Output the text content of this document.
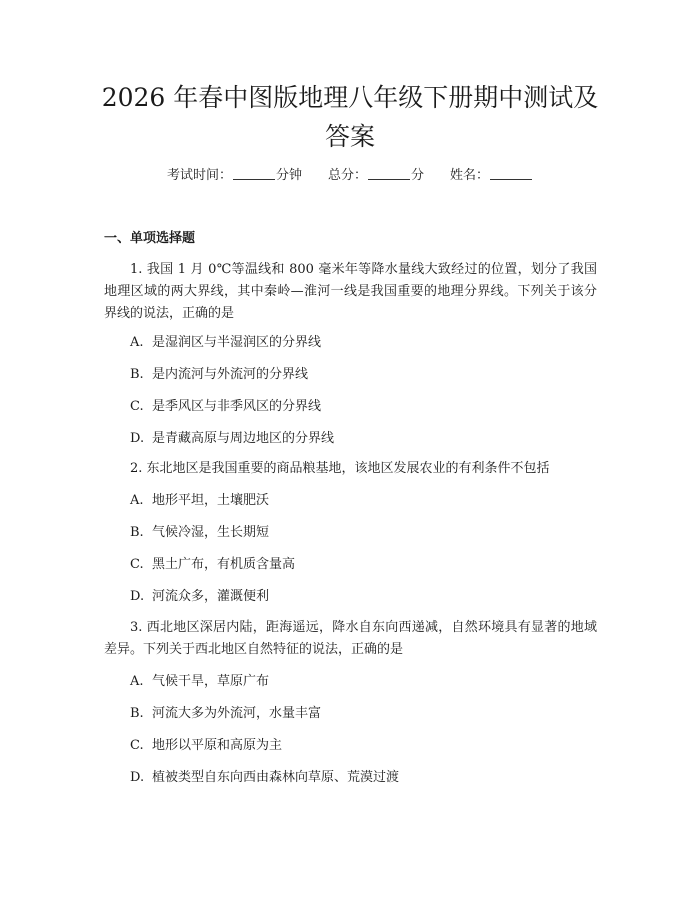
2026 年春中图版地理八年级下册期中测试及
答案
考试时间：	分钟 总分：	分 姓名：
一、单项选择题

1. 我国 1 月 0℃等温线和 800 毫米年等降水量线大致经过的位置，划分了我国地理区域的两大界线，其中秦岭—淮河一线是我国重要的地理分界线。下列关于该分界线的说法，正确的是

A. 是湿润区与半湿润区的分界线
B. 是内流河与外流河的分界线
C. 是季风区与非季风区的分界线
D. 是青藏高原与周边地区的分界线

2. 东北地区是我国重要的商品粮基地，该地区发展农业的有利条件不包括

A. 地形平坦，土壤肥沃
B. 气候冷湿，生长期短
C. 黑土广布，有机质含量高
D. 河流众多，灌溉便利

3. 西北地区深居内陆，距海遥远，降水自东向西递减，自然环境具有显著的地域差异。下列关于西北地区自然特征的说法，正确的是

A. 气候干旱，草原广布
B. 河流大多为外流河，水量丰富
C. 地形以平原和高原为主
D. 植被类型自东向西由森林向草原、荒漠过渡
